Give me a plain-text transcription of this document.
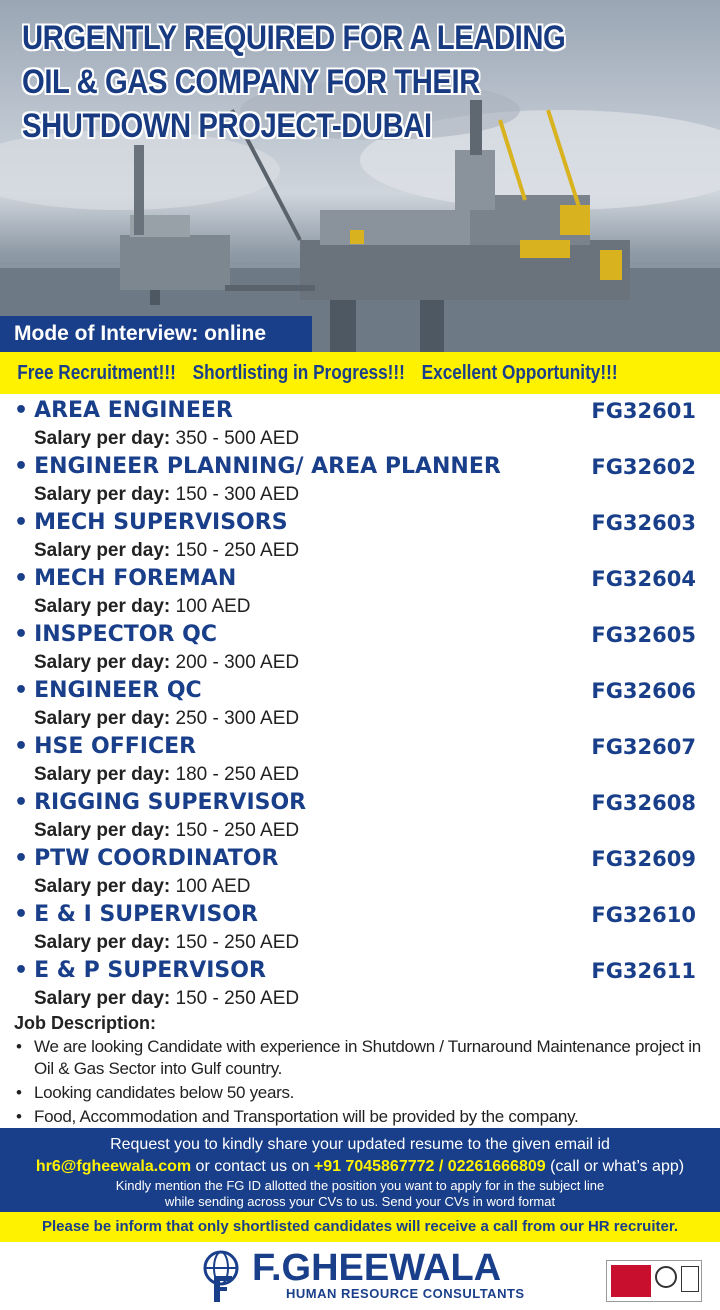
URGENTLY REQUIRED FOR A LEADING
OIL & GAS COMPANY FOR THEIR
SHUTDOWN PROJECT-DUBAI
Mode of Interview: online
Free Recruitment!!! Shortlisting in Progress!!! Excellent Opportunity!!!
• AREA ENGINEER	FG32601
Salary per day: 350 - 500 AED
• ENGINEER PLANNING/ AREA PLANNER	FG32602
Salary per day: 150 - 300 AED
• MECH SUPERVISORS	FG32603
Salary per day: 150 - 250 AED
• MECH FOREMAN	FG32604
Salary per day: 100 AED
• INSPECTOR QC	FG32605
Salary per day: 200 - 300 AED
• ENGINEER QC	FG32606
Salary per day: 250 - 300 AED
• HSE OFFICER	FG32607
Salary per day: 180 - 250 AED
• RIGGING SUPERVISOR	FG32608
Salary per day: 150 - 250 AED
• PTW COORDINATOR	FG32609
Salary per day: 100 AED
• E & I SUPERVISOR	FG32610
Salary per day: 150 - 250 AED
• E & P SUPERVISOR	FG32611
Salary per day: 150 - 250 AED
Job Description:
• We are looking Candidate with experience in Shutdown / Turnaround Maintenance project in Oil & Gas Sector into Gulf country.
• Looking candidates below 50 years.
• Food, Accommodation and Transportation will be provided by the company.
Request you to kindly share your updated resume to the given email id
hr6@fgheewala.com or contact us on +91 7045867772 / 02261666809 (call or what’s app)
Kindly mention the FG ID allotted the position you want to apply for in the subject line
while sending across your CVs to us. Send your CVs in word format
Please be inform that only shortlisted candidates will receive a call from our HR recruiter.
F.GHEEWALA
HUMAN RESOURCE CONSULTANTS
